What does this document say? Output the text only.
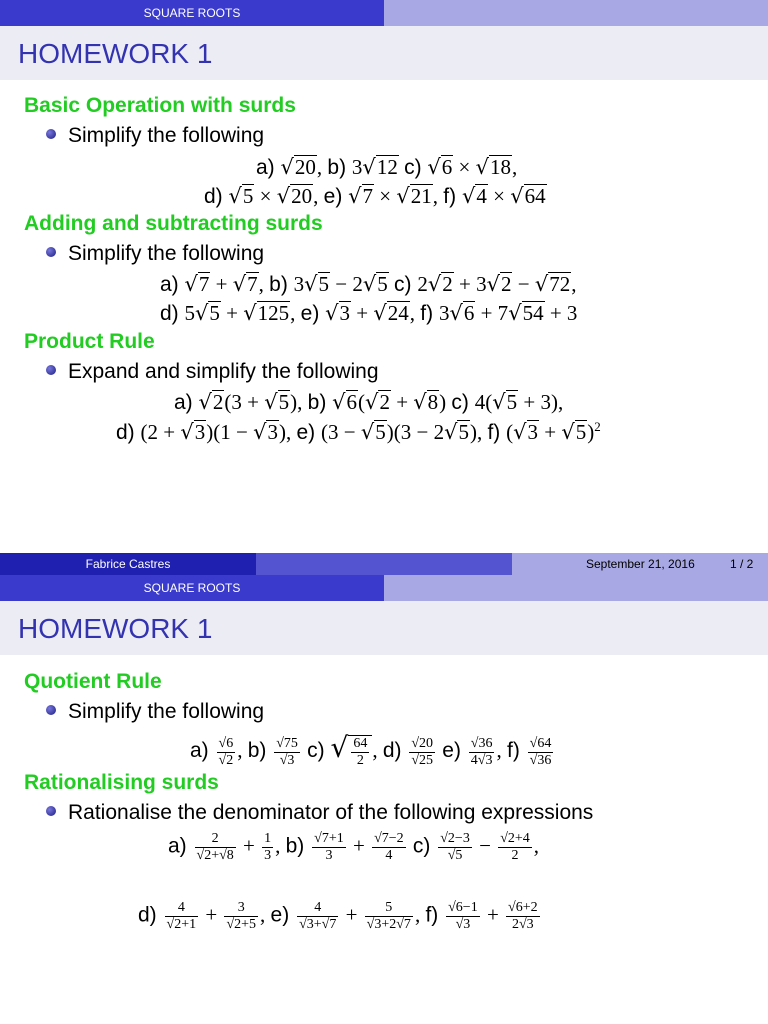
SQUARE ROOTS
HOMEWORK 1
Basic Operation with surds
Simplify the following
a) √20, b) 3√12 c) √6 × √18,
d) √5 × √20, e) √7 × √21, f) √4 × √64
Adding and subtracting surds
Simplify the following
a) √7 + √7, b) 3√5 − 2√5 c) 2√2 + 3√2 − √72,
d) 5√5 + √125, e) √3 + √24, f) 3√6 + 7√54 + 3
Product Rule
Expand and simplify the following
a) √2(3 + √5), b) √6(√2 + √8) c) 4(√5 + 3),
d) (2 + √3)(1 − √3), e) (3 − √5)(3 − 2√5), f) $(√3 + √5)^2$
Fabrice Castres	September 21, 2016	1 / 2
SQUARE ROOTS
HOMEWORK 1
Quotient Rule
Simplify the following
$a) \frac{√6}{√2}$ , $b) \frac{√75}{√3} c$) √ $\frac{64}{2}$ , $d) \frac{√20}{√25} e) \frac{√36}{4√3}$ , $f) \frac{√64}{√36}$
Rationalising surds
Rationalise the denominator of the following expressions
$a) \frac{2}{√2+√8} + \frac{1}{3}$ , $b) \frac{√7+1}{3} + \frac{√7-2}{4} c) \frac{√2-3}{√5} - \frac{√2+4}{2}$ ,
$d) \frac{4}{√2+1} + \frac{3}{√2+5}$ , $e) \frac{4}{√3+√7} + \frac{5}{√3+2√7}$ , $f) \frac{√6-1}{√3} + \frac{√6+2}{2√3}$
